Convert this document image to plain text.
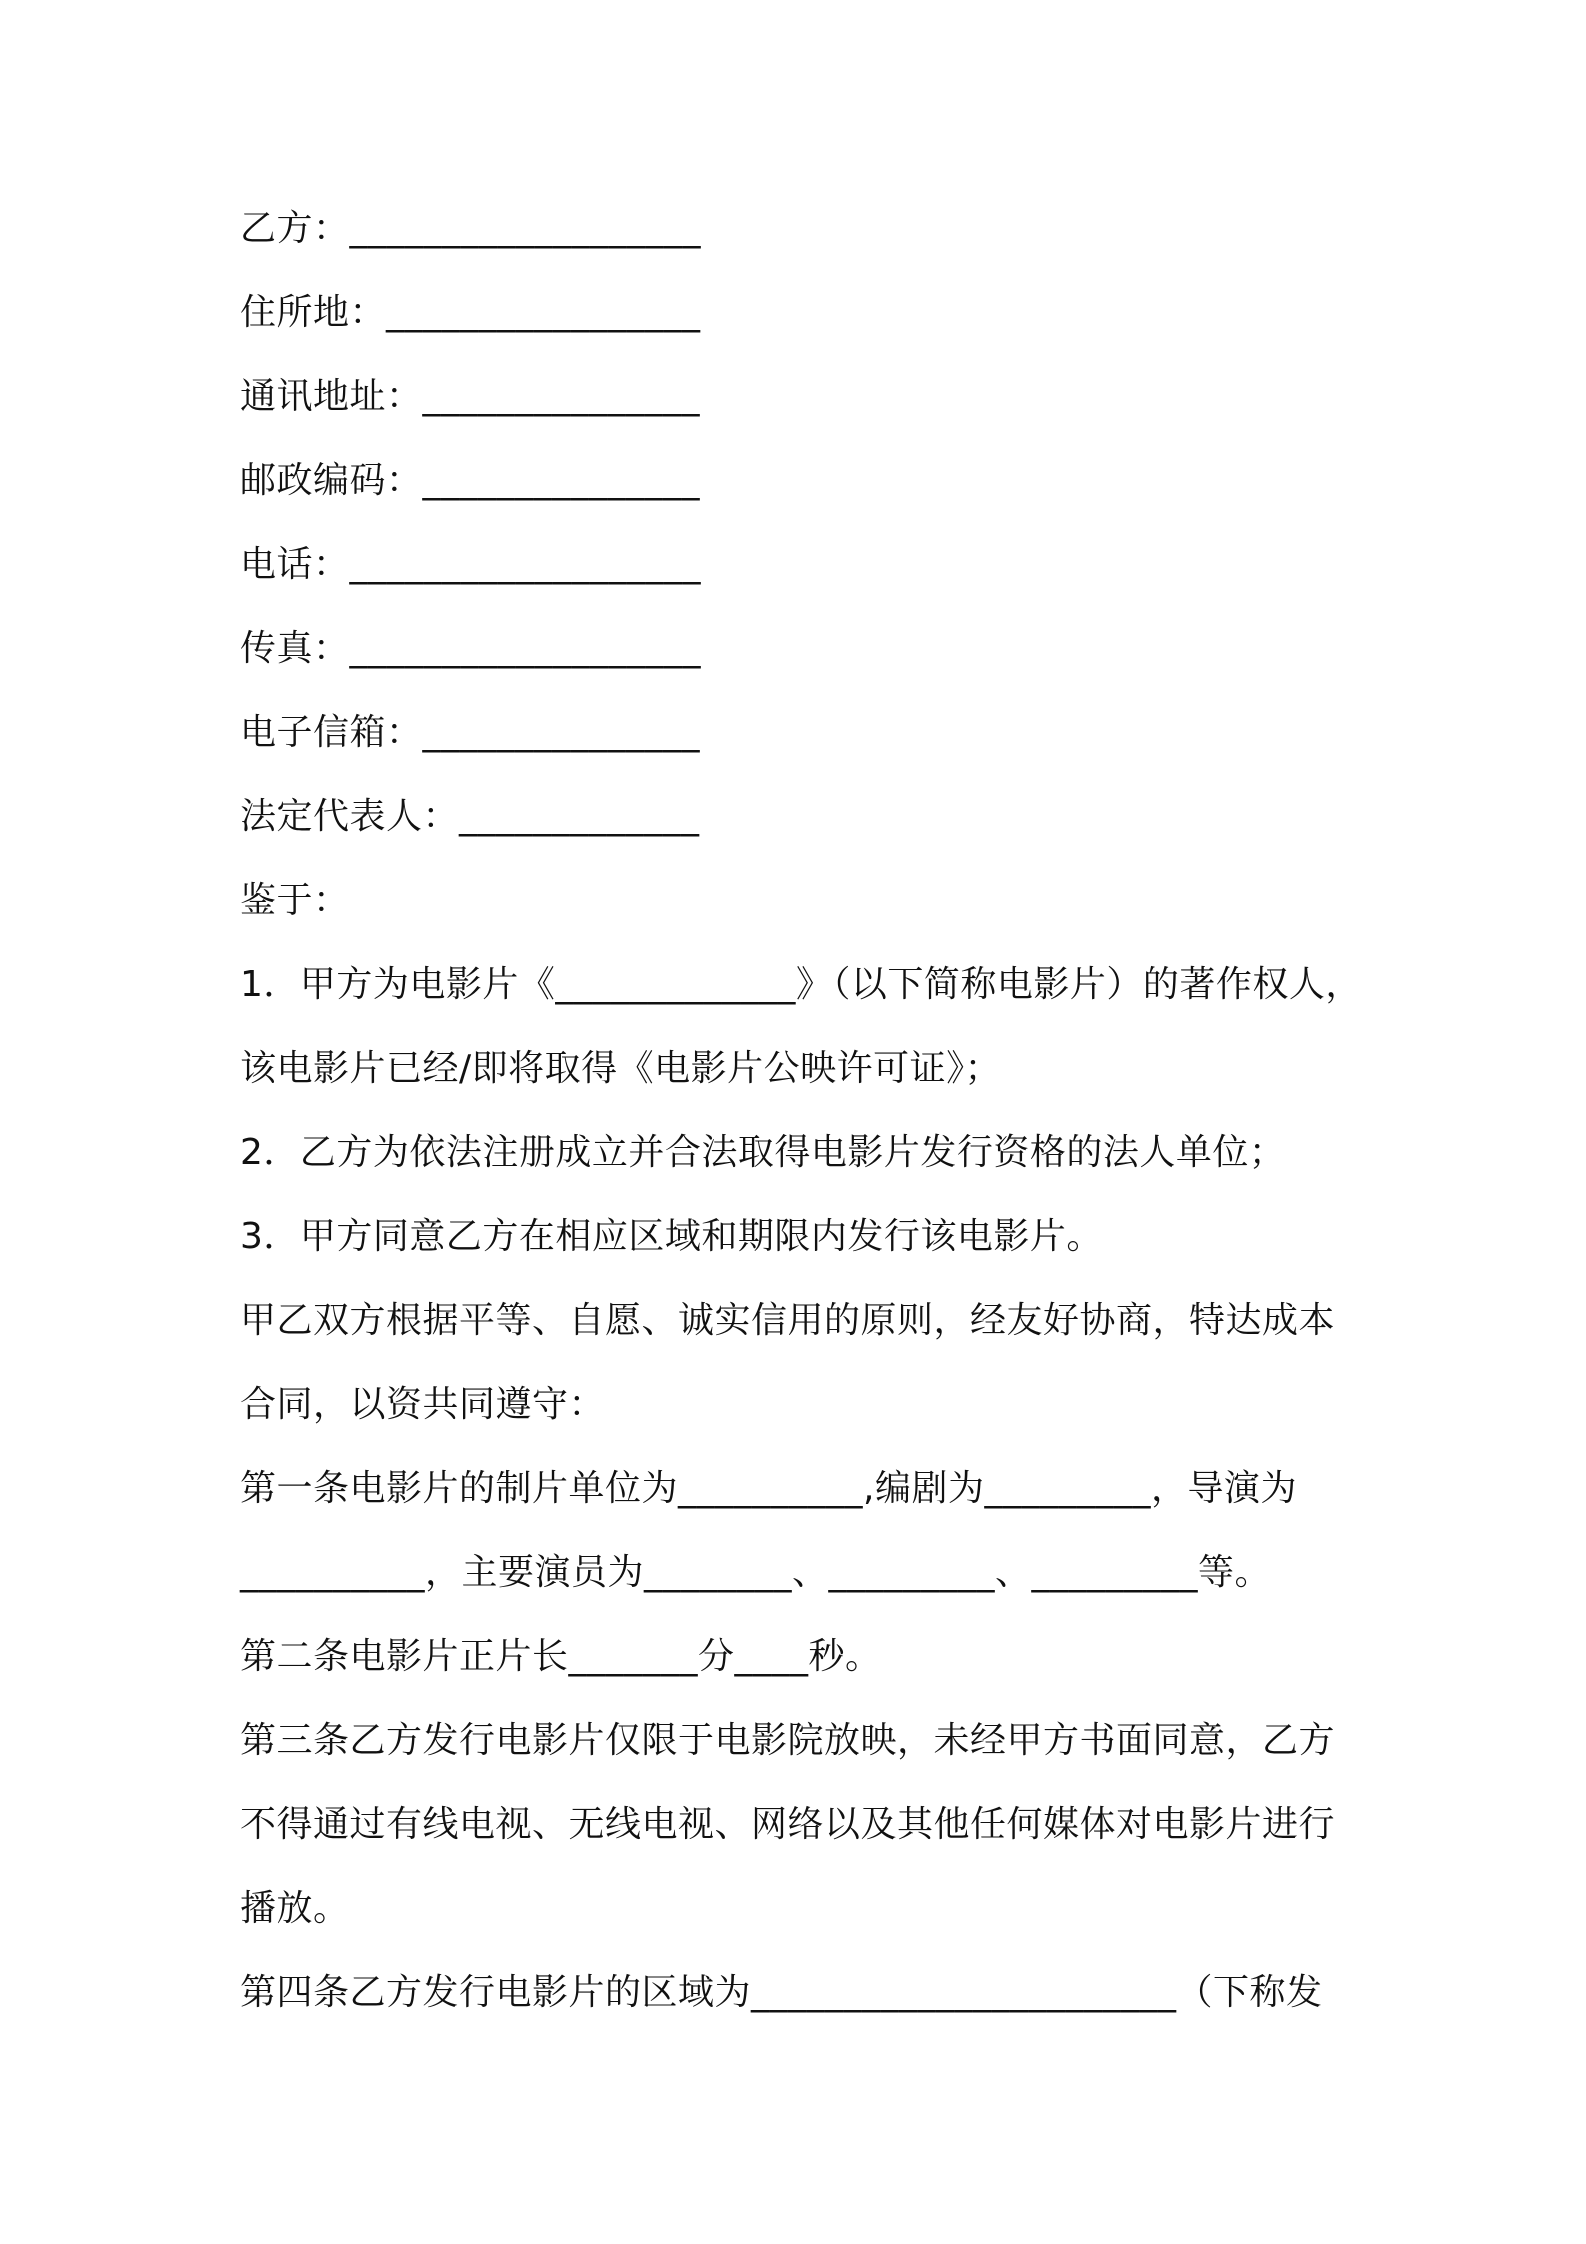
乙方：___________________
住所地：_________________
通讯地址：_______________
邮政编码：_______________
电话：___________________
传真：___________________
电子信箱：_______________
法定代表人：_____________
鉴于：
1．甲方为电影片《_____________》（以下简称电影片）的著作权人，
该电影片已经/即将取得《电影片公映许可证》；
2．乙方为依法注册成立并合法取得电影片发行资格的法人单位；
3．甲方同意乙方在相应区域和期限内发行该电影片。
甲乙双方根据平等、自愿、诚实信用的原则，经友好协商，特达成本
合同，以资共同遵守：
第一条电影片的制片单位为__________,编剧为_________，导演为
__________，主要演员为________、_________、_________等。
第二条电影片正片长_______分____秒。
第三条乙方发行电影片仅限于电影院放映，未经甲方书面同意，乙方
不得通过有线电视、无线电视、网络以及其他任何媒体对电影片进行
播放。
第四条乙方发行电影片的区域为_______________________（下称发
